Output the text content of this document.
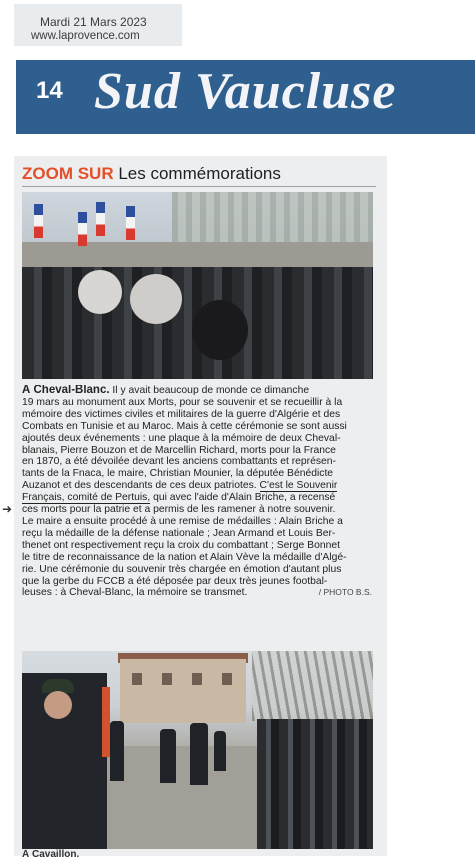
Mardi 21 Mars 2023
www.laprovence.com
14 Sud Vaucluse
ZOOM SUR Les commémorations
➜
À Cheval-Blanc. Il y avait beaucoup de monde ce dimanche
19 mars au monument aux Morts, pour se souvenir et se recueillir à la
mémoire des victimes civiles et militaires de la guerre d'Algérie et des
Combats en Tunisie et au Maroc. Mais à cette cérémonie se sont aussi
ajoutés deux événements : une plaque à la mémoire de deux Cheval-
blanais, Pierre Bouzon et de Marcellin Richard, morts pour la France
en 1870, a été dévoilée devant les anciens combattants et représen-
tants de la Fnaca, le maire, Christian Mounier, la députée Bénédicte
Auzanot et des descendants de ces deux patriotes. C'est le Souvenir
Français, comité de Pertuis, qui avec l'aide d'Alain Briche, a recensé
ces morts pour la patrie et a permis de les ramener à notre souvenir.
Le maire a ensuite procédé à une remise de médailles : Alain Briche a
reçu la médaille de la défense nationale ; Jean Armand et Louis Ber-
thenet ont respectivement reçu la croix du combattant ; Serge Bonnet
le titre de reconnaissance de la nation et Alain Vève la médaille d'Algé-
rie. Une cérémonie du souvenir très chargée en émotion d'autant plus
que la gerbe du FCCB a été déposée par deux très jeunes footbal-
leuses : à Cheval-Blanc, la mémoire se transmet.	/ PHOTO B.S.
À Cavaillon.
